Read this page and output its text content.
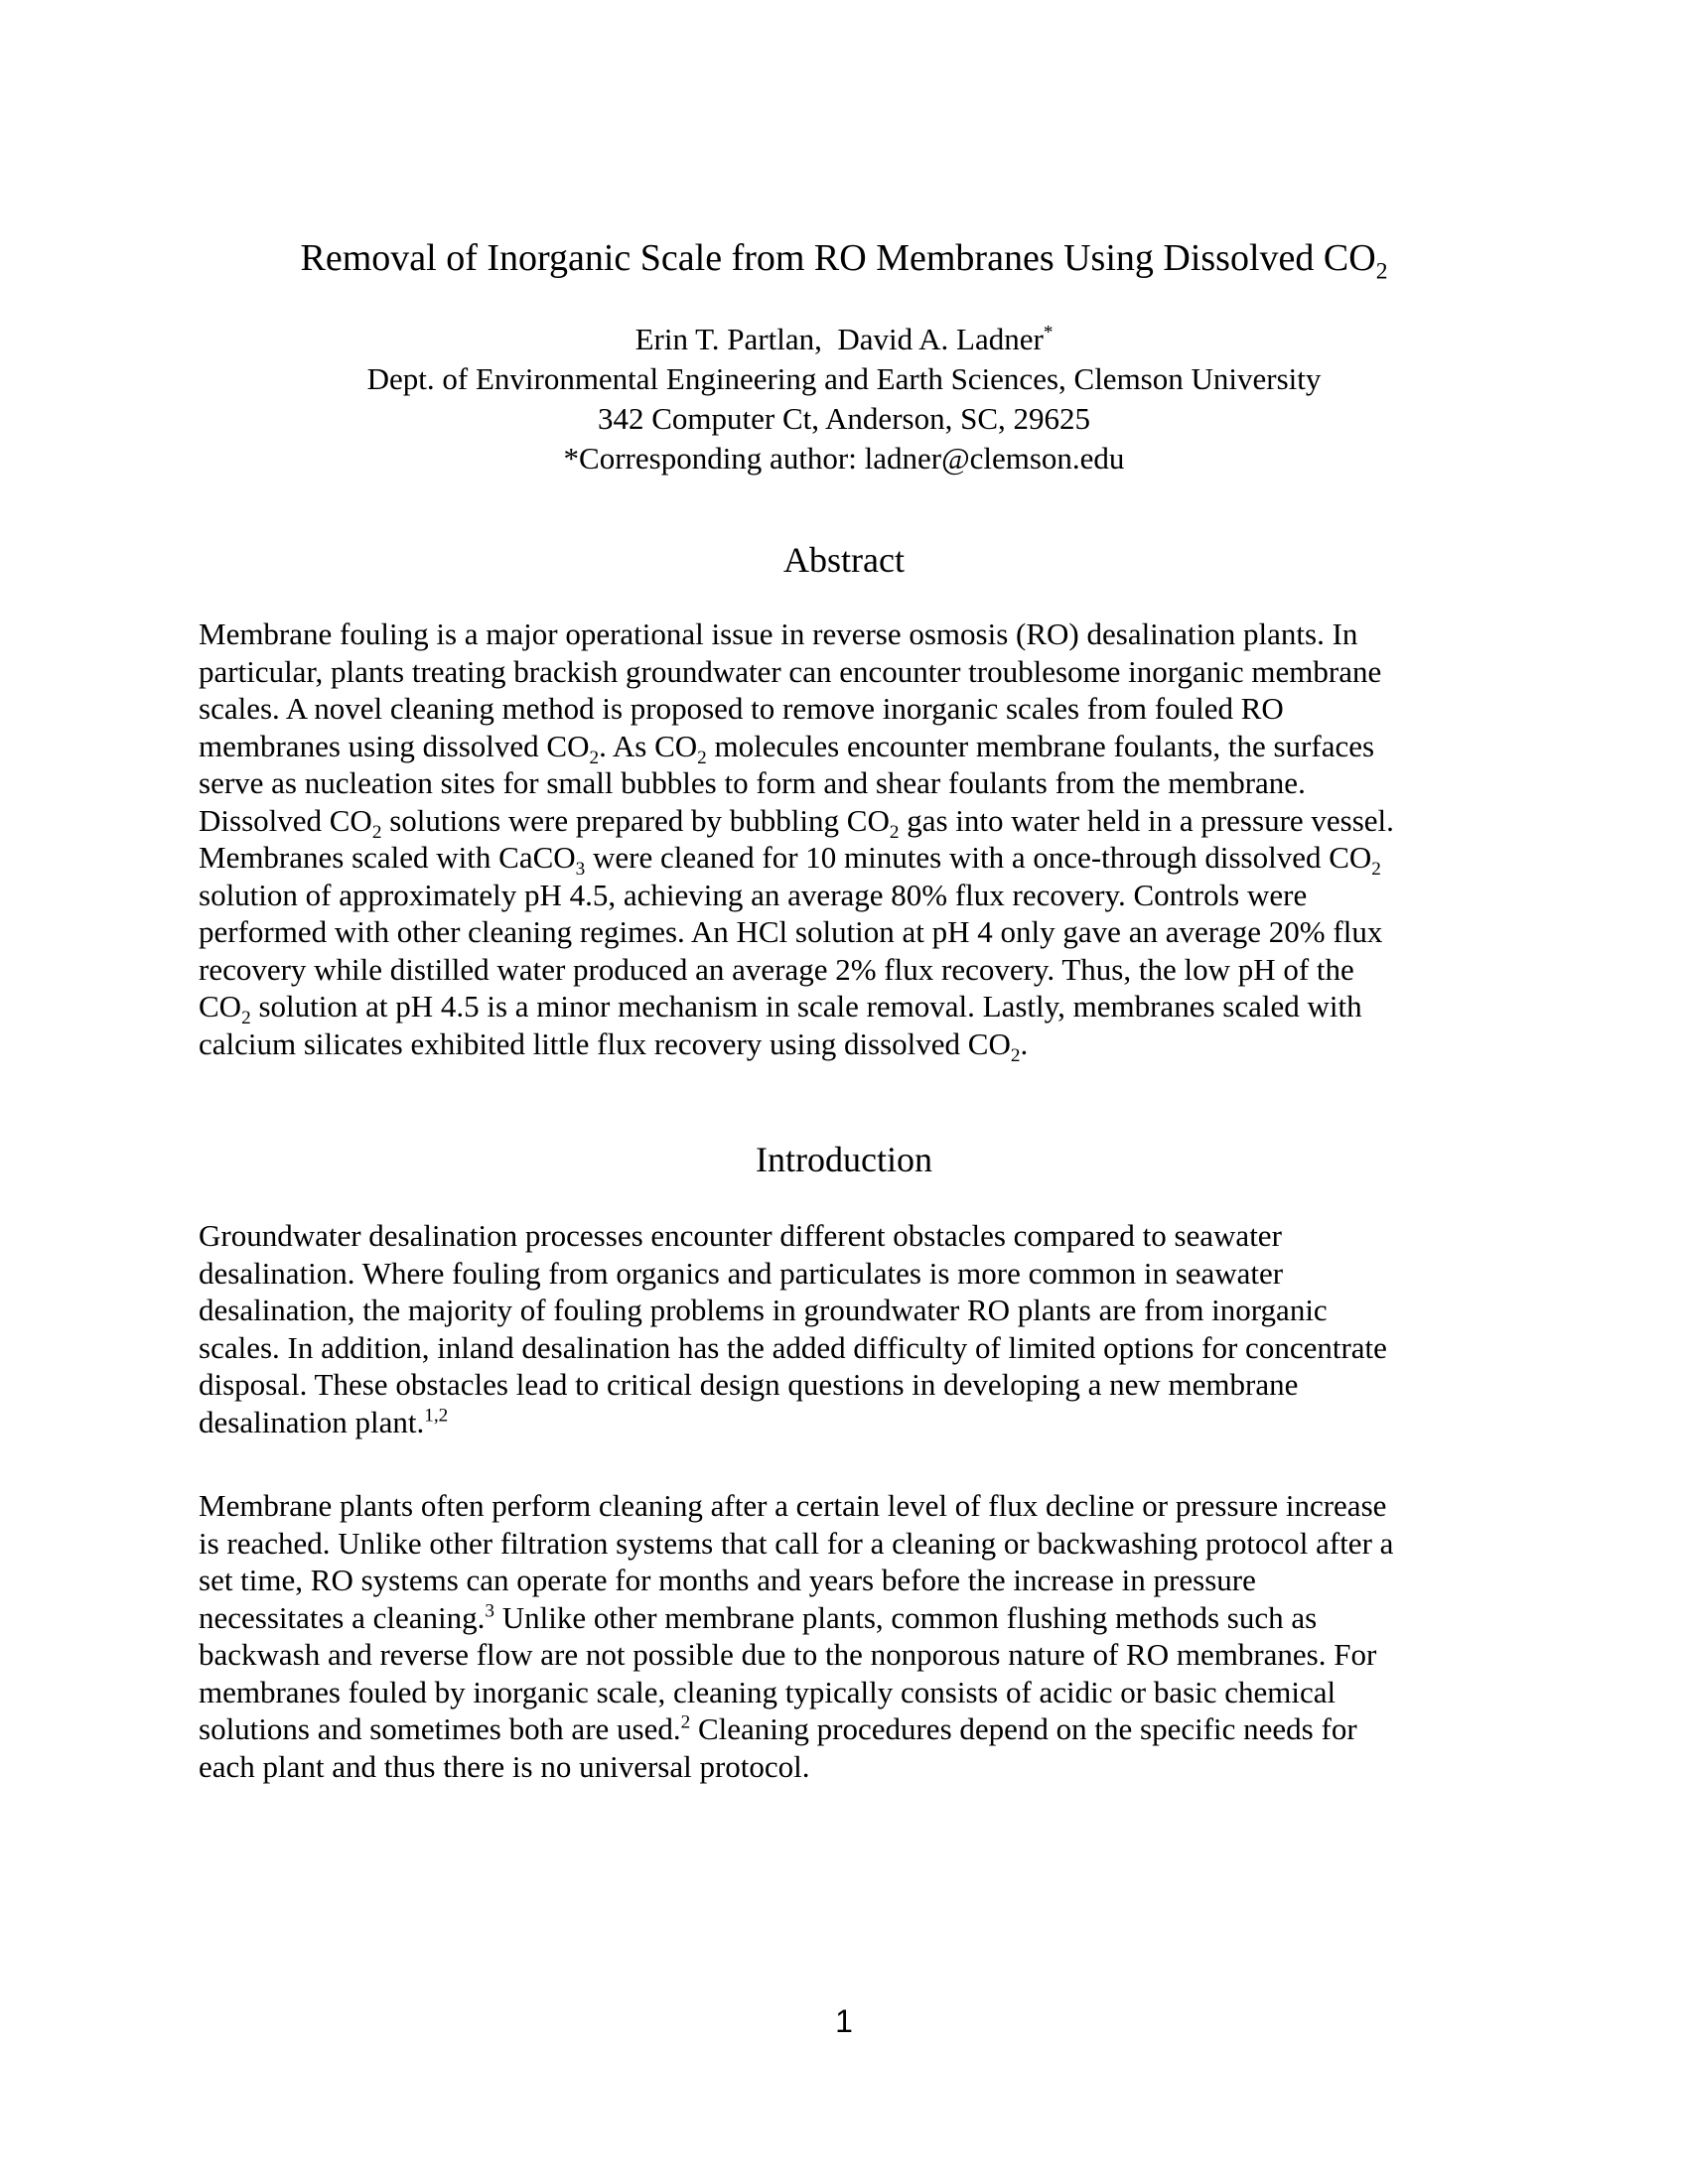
Removal of Inorganic Scale from RO Membranes Using Dissolved $CO_2$
Erin T. Partlan,  David A. Ladner*
Dept. of Environmental Engineering and Earth Sciences, Clemson University
342 Computer Ct, Anderson, SC, 29625
*Corresponding author: ladner@clemson.edu
Abstract
Membrane fouling is a major operational issue in reverse osmosis (RO) desalination plants. In
particular, plants treating brackish groundwater can encounter troublesome inorganic membrane
scales. A novel cleaning method is proposed to remove inorganic scales from fouled RO
membranes using dissolved $CO_2$. As $CO_2$ molecules encounter membrane foulants, the surfaces
serve as nucleation sites for small bubbles to form and shear foulants from the membrane.
Dissolved $CO_2$ solutions were prepared by bubbling $CO_2$ gas into water held in a pressure vessel.
Membranes scaled with CaCO$_3$ were cleaned for 10 minutes with a once-through dissolved $CO_2$
solution of approximately pH 4.5, achieving an average 80% flux recovery. Controls were
performed with other cleaning regimes. An HCl solution at pH 4 only gave an average 20% flux
recovery while distilled water produced an average 2% flux recovery. Thus, the low pH of the
$CO_2$ solution at pH 4.5 is a minor mechanism in scale removal. Lastly, membranes scaled with
calcium silicates exhibited little flux recovery using dissolved $CO_2$.
Introduction
Groundwater desalination processes encounter different obstacles compared to seawater
desalination. Where fouling from organics and particulates is more common in seawater
desalination, the majority of fouling problems in groundwater RO plants are from inorganic
scales. In addition, inland desalination has the added difficulty of limited options for concentrate
disposal. These obstacles lead to critical design questions in developing a new membrane
desalination plant.$^{1,2}$
Membrane plants often perform cleaning after a certain level of flux decline or pressure increase
is reached. Unlike other filtration systems that call for a cleaning or backwashing protocol after a
set time, RO systems can operate for months and years before the increase in pressure
necessitates a cleaning.$^3$ Unlike other membrane plants, common flushing methods such as
backwash and reverse flow are not possible due to the nonporous nature of RO membranes. For
membranes fouled by inorganic scale, cleaning typically consists of acidic or basic chemical
solutions and sometimes both are used.$^2$ Cleaning procedures depend on the specific needs for
each plant and thus there is no universal protocol.
1
